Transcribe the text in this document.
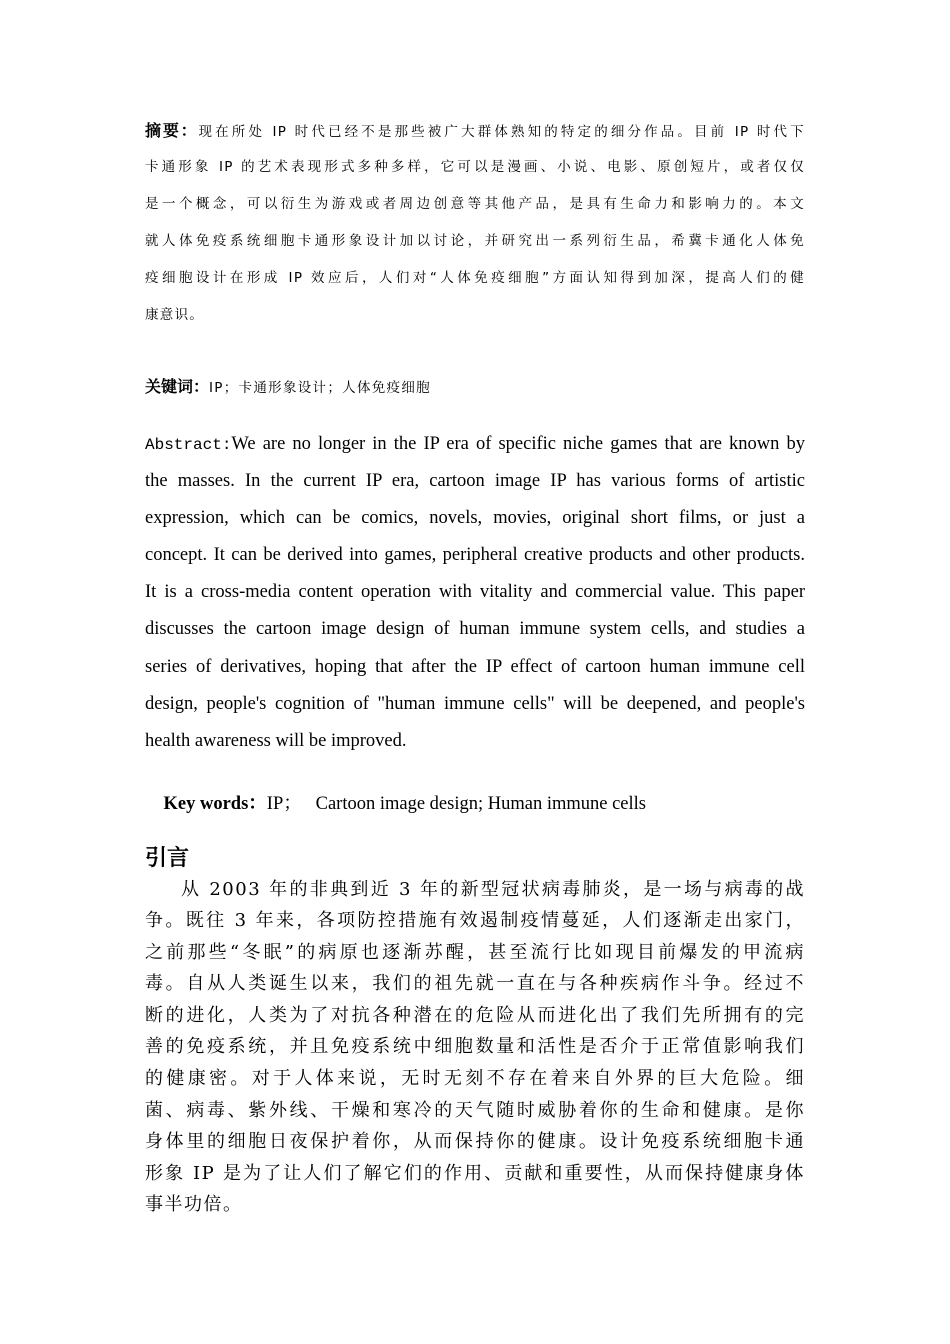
摘要：现在所处 IP 时代已经不是那些被广大群体熟知的特定的细分作品。目前 IP 时代下
卡通形象 IP 的艺术表现形式多种多样，它可以是漫画、小说、电影、原创短片，或者仅仅
是一个概念，可以衍生为游戏或者周边创意等其他产品，是具有生命力和影响力的。本文
就人体免疫系统细胞卡通形象设计加以讨论，并研究出一系列衍生品，希冀卡通化人体免
疫细胞设计在形成 IP 效应后，人们对“人体免疫细胞”方面认知得到加深，提高人们的健
康意识。
关键词：IP；卡通形象设计；人体免疫细胞
Abstract:We are no longer in the IP era of specific niche games that are known by
the masses. In the current IP era, cartoon image IP has various forms of artistic
expression, which can be comics, novels, movies, original short films, or just a
concept. It can be derived into games, peripheral creative products and other products.
It is a cross-media content operation with vitality and commercial value. This paper
discusses the cartoon image design of human immune system cells, and studies a
series of derivatives, hoping that after the IP effect of cartoon human immune cell
design, people's cognition of "human immune cells" will be deepened, and people's
health awareness will be improved.

Key words：IP；   Cartoon image design; Human immune cells

引言
从 2003 年的非典到近 3 年的新型冠状病毒肺炎，是一场与病毒的战
争。既往 3 年来，各项防控措施有效遏制疫情蔓延，人们逐渐走出家门，
之前那些“冬眠”的病原也逐渐苏醒，甚至流行比如现目前爆发的甲流病
毒。自从人类诞生以来，我们的祖先就一直在与各种疾病作斗争。经过不
断的进化，人类为了对抗各种潜在的危险从而进化出了我们先所拥有的完
善的免疫系统，并且免疫系统中细胞数量和活性是否介于正常值影响我们
的健康密。对于人体来说，无时无刻不存在着来自外界的巨大危险。细
菌、病毒、紫外线、干燥和寒冷的天气随时威胁着你的生命和健康。是你
身体里的细胞日夜保护着你，从而保持你的健康。设计免疫系统细胞卡通
形象 IP 是为了让人们了解它们的作用、贡献和重要性，从而保持健康身体
事半功倍。
